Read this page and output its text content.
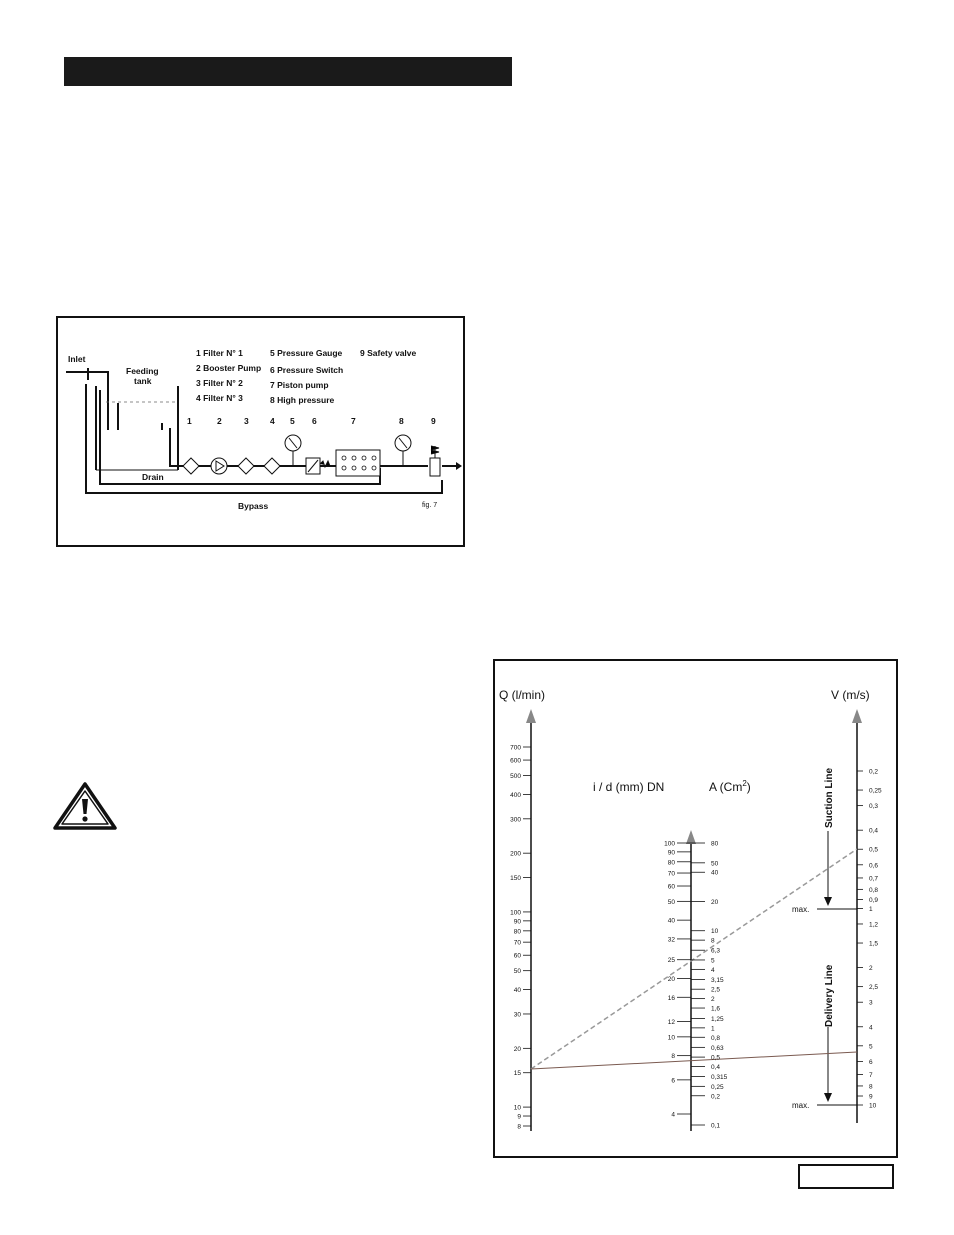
Inlet
Feeding
tank
Drain
Bypass
1 Filter N° 1
2 Booster Pump
3 Filter N° 2
4 Filter N° 3
5 Pressure Gauge
6 Pressure Switch
7 Piston pump
8 High pressure
9 Safety valve
1	2	3	4 5 6	7	8	9
fig. 7
Q (l/min)	V (m/s)
i / d (mm) DN	A (Cm$^2$)	Suction Line
Delivery Line
max.
max.
700
600
500
400
300
200
150
100
90
80
70
60
50
40
30
20
15
10
9
8
100
90
80
70
60
50
40
32
25
20
16
12
10
8
6
4
80
50
40
20
10
8
6,3
5
4
3,15
2,5
2
1,6
1,25
1
0,8
0,63
0,5
0,4
0,315
0,25
0,2
0,1
0,2
0,25
0,3
0,4
0,5
0,6
0,7
0,8
0,9
1
1,2
1,5
2
2,5
3
4
5
6
7
8
9
10
